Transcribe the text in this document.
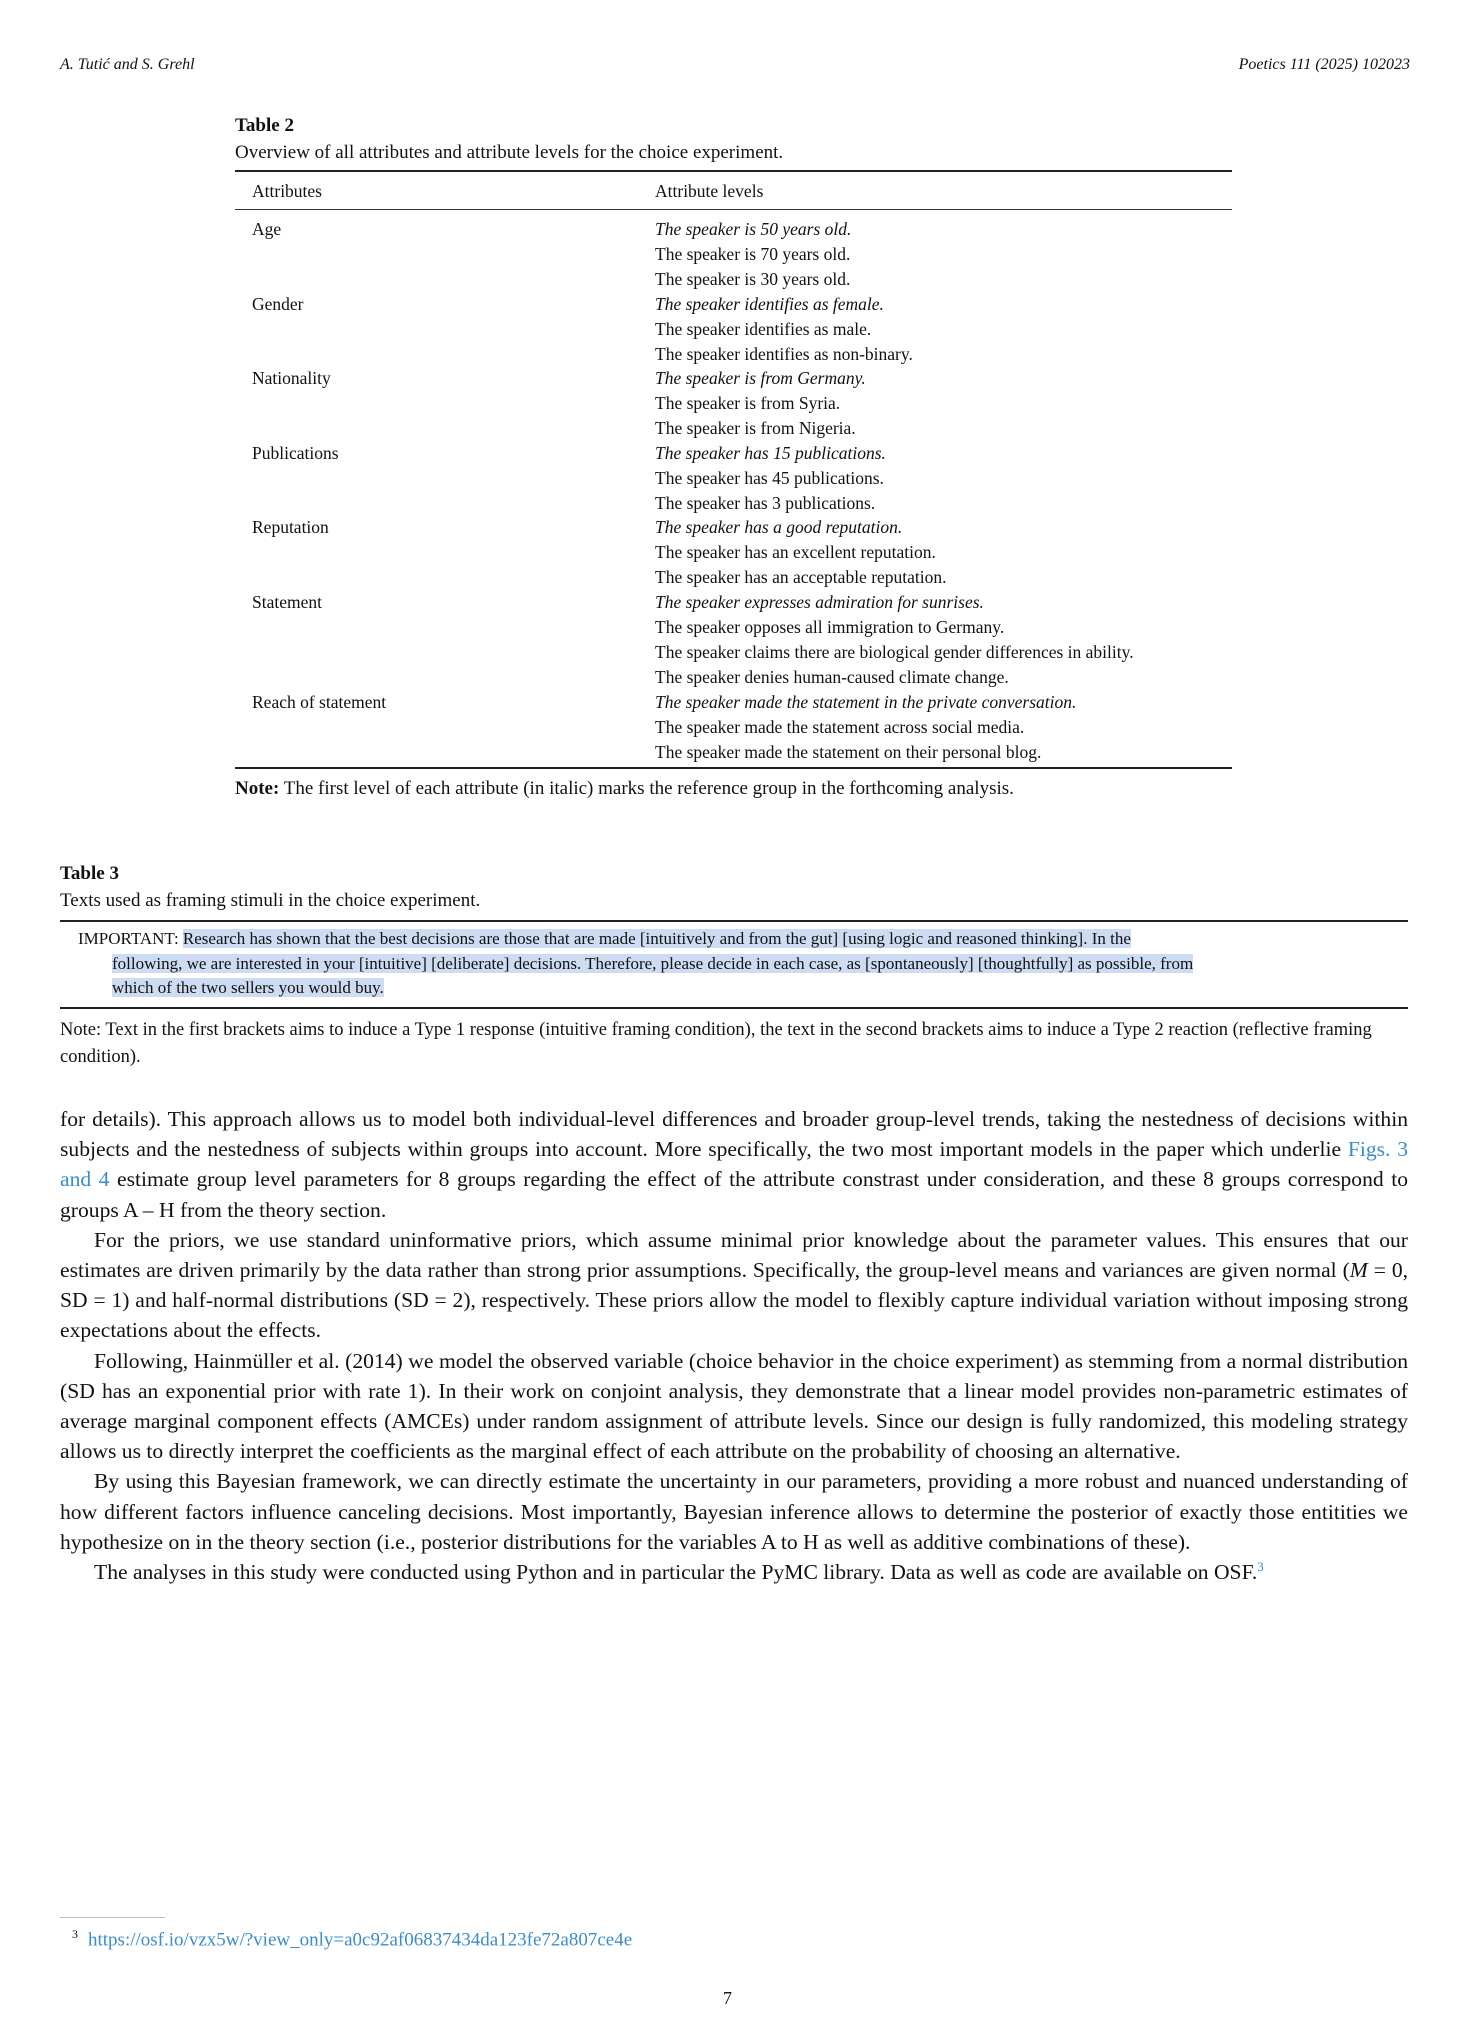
A. Tutić and S. Grehl	Poetics 111 (2025) 102023
Table 2
Overview of all attributes and attribute levels for the choice experiment.
Attributes	Attribute levels
Age	The speaker is 50 years old.
The speaker is 70 years old.
The speaker is 30 years old.
Gender	The speaker identifies as female.
The speaker identifies as male.
The speaker identifies as non-binary.
Nationality	The speaker is from Germany.
The speaker is from Syria.
The speaker is from Nigeria.
Publications	The speaker has 15 publications.
The speaker has 45 publications.
The speaker has 3 publications.
Reputation	The speaker has a good reputation.
The speaker has an excellent reputation.
The speaker has an acceptable reputation.
Statement	The speaker expresses admiration for sunrises.
The speaker opposes all immigration to Germany.
The speaker claims there are biological gender differences in ability.
The speaker denies human-caused climate change.
Reach of statement	The speaker made the statement in the private conversation.
The speaker made the statement across social media.
The speaker made the statement on their personal blog.
Note: The first level of each attribute (in italic) marks the reference group in the forthcoming analysis.
Table 3
Texts used as framing stimuli in the choice experiment.
IMPORTANT: Research has shown that the best decisions are those that are made [intuitively and from the gut] [using logic and reasoned thinking]. In the
following, we are interested in your [intuitive] [deliberate] decisions. Therefore, please decide in each case, as [spontaneously] [thoughtfully] as possible, from
which of the two sellers you would buy.
Note: Text in the first brackets aims to induce a Type 1 response (intuitive framing condition), the text in the second brackets aims to induce a Type 2 reaction (reflective framing condition).

for details). This approach allows us to model both individual-level differences and broader group-level trends, taking the nestedness of decisions within subjects and the nestedness of subjects within groups into account. More specifically, the two most important models in the paper which underlie Figs. 3 and 4 estimate group level parameters for 8 groups regarding the effect of the attribute constrast under consideration, and these 8 groups correspond to groups A – H from the theory section.

For the priors, we use standard uninformative priors, which assume minimal prior knowledge about the parameter values. This ensures that our estimates are driven primarily by the data rather than strong prior assumptions. Specifically, the group-level means and variances are given normal (M = 0, SD = 1) and half-normal distributions (SD = 2), respectively. These priors allow the model to flexibly capture individual variation without imposing strong expectations about the effects.

Following, Hainmüller et al. (2014) we model the observed variable (choice behavior in the choice experiment) as stemming from a normal distribution (SD has an exponential prior with rate 1). In their work on conjoint analysis, they demonstrate that a linear model provides non-parametric estimates of average marginal component effects (AMCEs) under random assignment of attribute levels. Since our design is fully randomized, this modeling strategy allows us to directly interpret the coefficients as the marginal effect of each attribute on the probability of choosing an alternative.

By using this Bayesian framework, we can directly estimate the uncertainty in our parameters, providing a more robust and nuanced understanding of how different factors influence canceling decisions. Most importantly, Bayesian inference allows to determine the posterior of exactly those entitities we hypothesize on in the theory section (i.e., posterior distributions for the variables A to H as well as additive combinations of these).

The analyses in this study were conducted using Python and in particular the PyMC library. Data as well as code are available on OSF.$^3$

$^3$ https://osf.io/vzx5w/?view_only=a0c92af06837434da123fe72a807ce4e
7
